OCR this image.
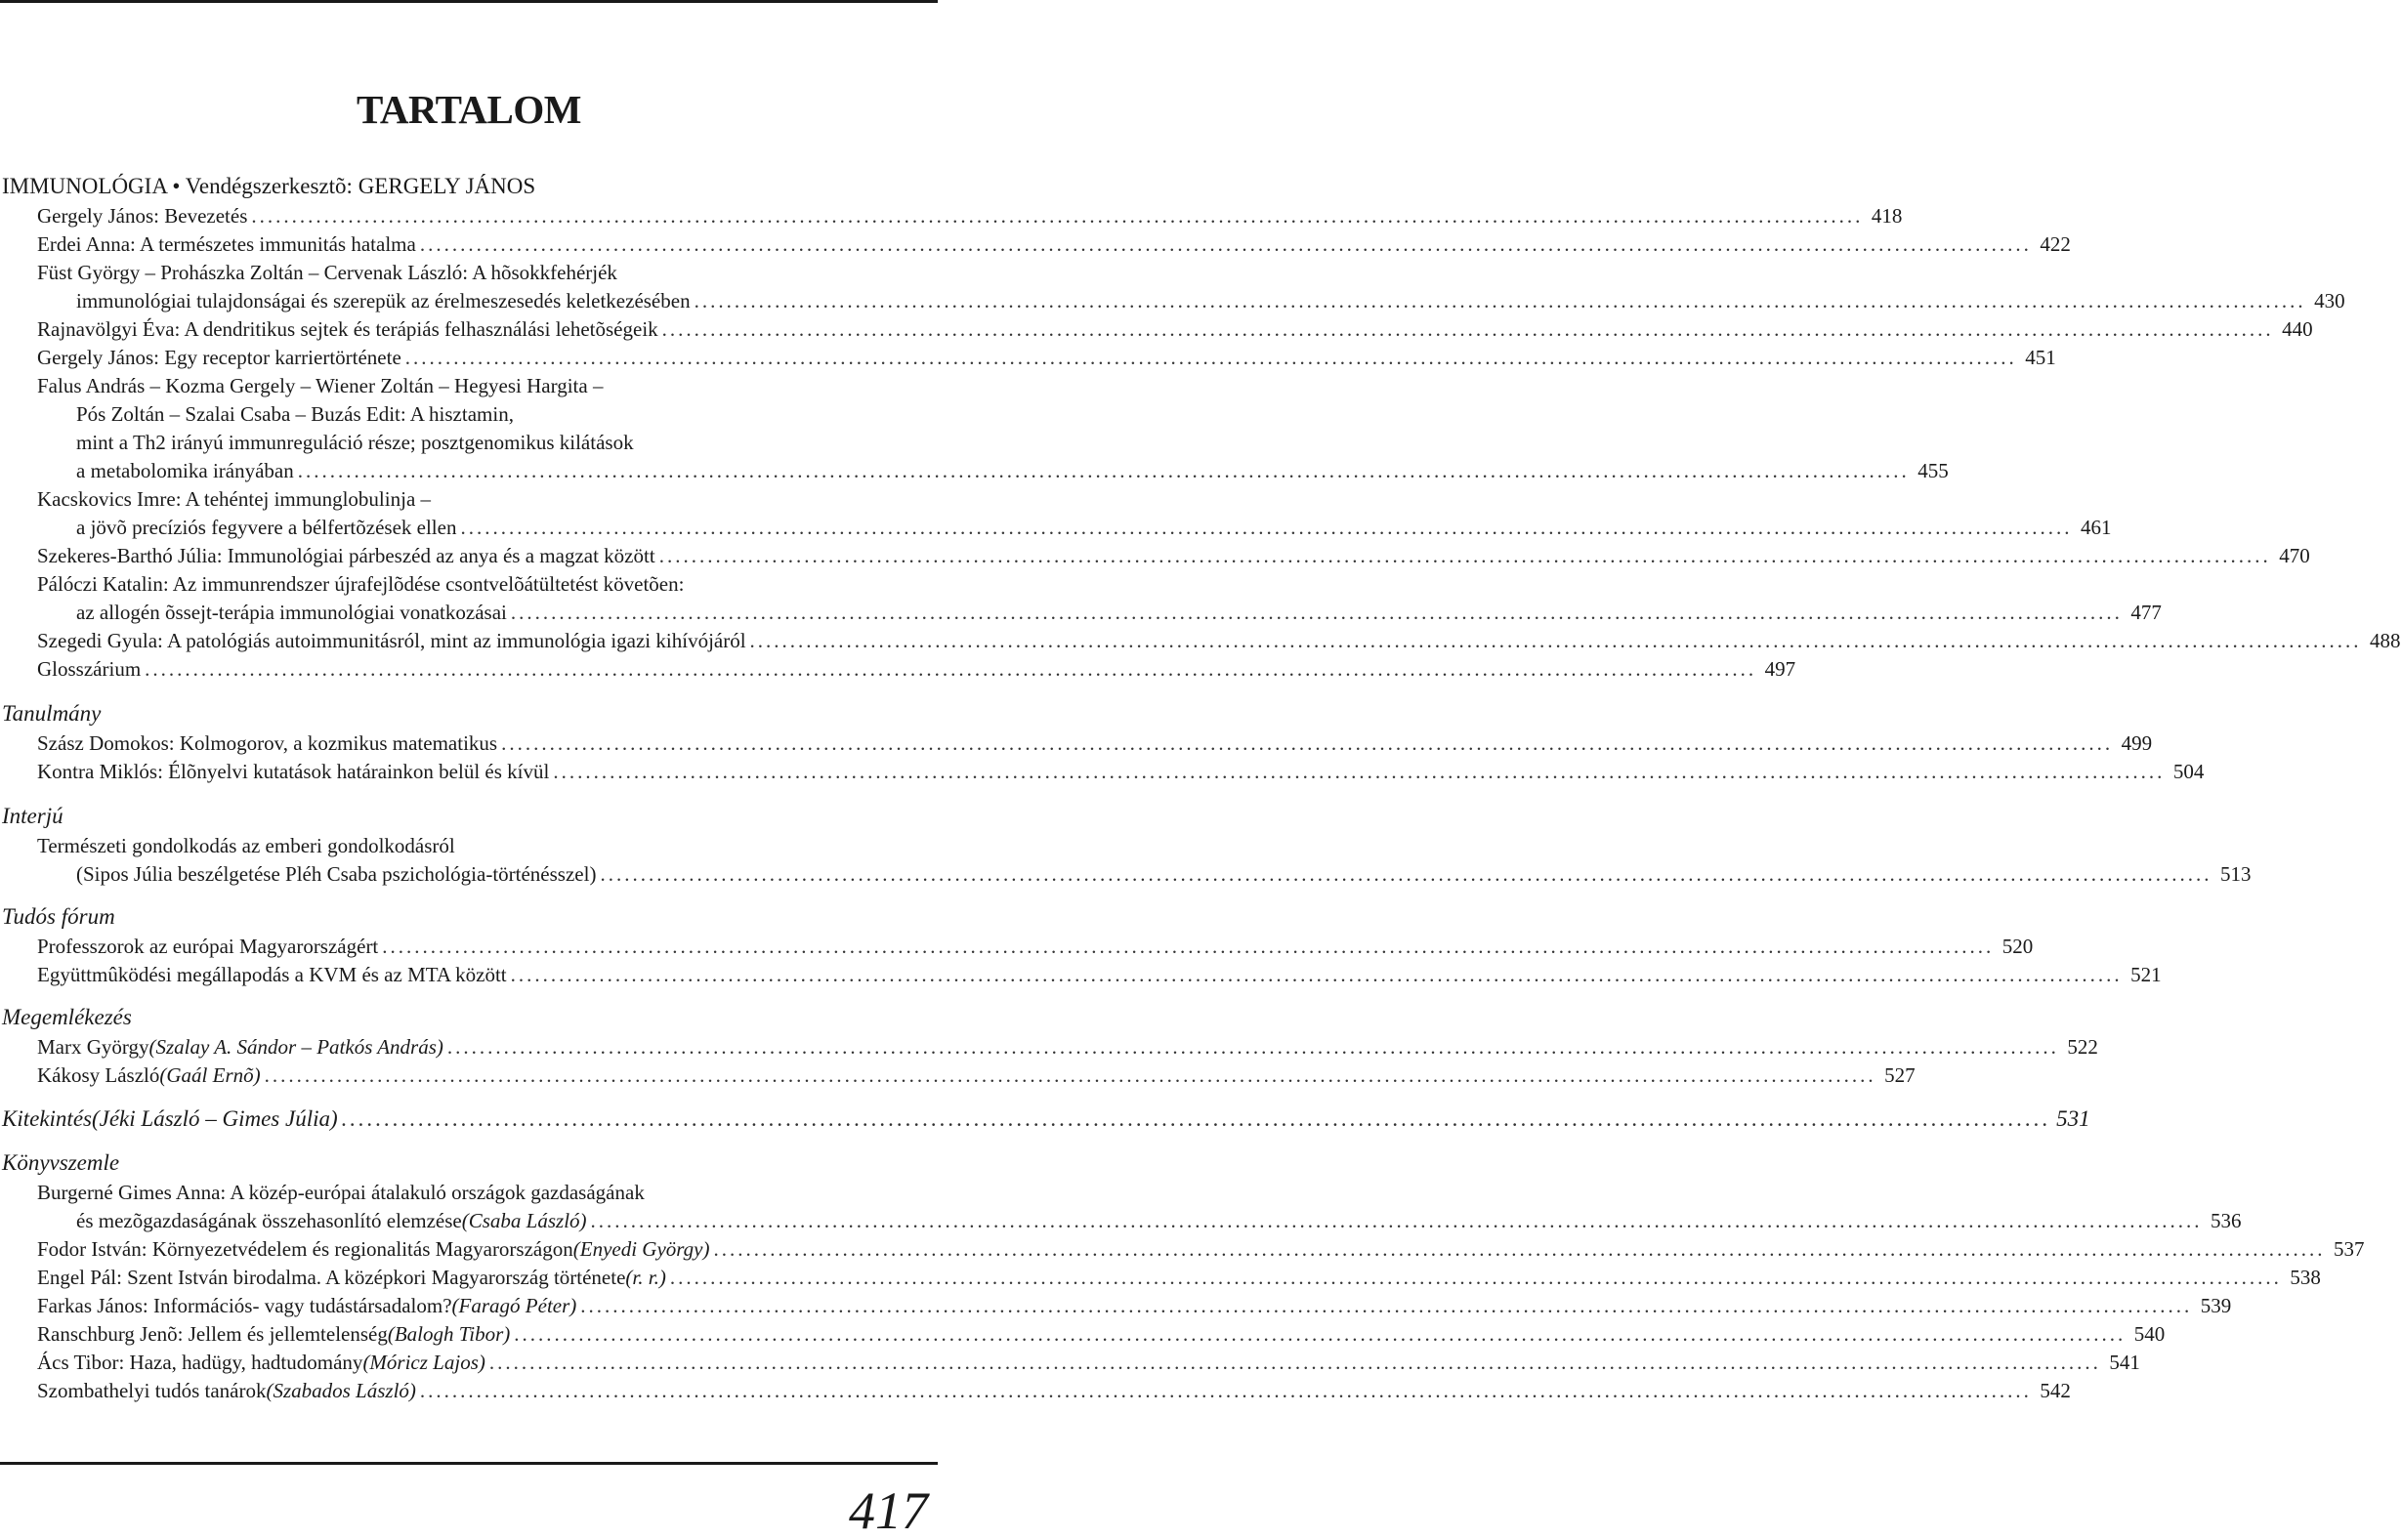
TARTALOM
IMMUNOLÓGIA • Vendégszerkesztõ: GERGELY JÁNOS
Gergely János: Bevezetés ........................................................................................................................................................................................................ 418
Erdei Anna: A természetes immunitás hatalma ........................................................................................................................................................................................................ 422
Füst György – Prohászka Zoltán – Cervenak László: A hõsokkfehérjék
immunológiai tulajdonságai és szerepük az érelmeszesedés keletkezésében ........................................................................................................................................................................................................ 430
Rajnavölgyi Éva: A dendritikus sejtek és terápiás felhasználási lehetõségeik ........................................................................................................................................................................................................ 440
Gergely János: Egy receptor karriertörténete ........................................................................................................................................................................................................ 451
Falus András – Kozma Gergely – Wiener Zoltán – Hegyesi Hargita –
Pós Zoltán – Szalai Csaba – Buzás Edit: A hisztamin,
mint a Th2 irányú immunreguláció része; posztgenomikus kilátások
a metabolomika irányában ........................................................................................................................................................................................................ 455
Kacskovics Imre: A tehéntej immunglobulinja –
a jövõ precíziós fegyvere a bélfertõzések ellen ........................................................................................................................................................................................................ 461
Szekeres-Barthó Júlia: Immunológiai párbeszéd az anya és a magzat között ........................................................................................................................................................................................................ 470
Pálóczi Katalin: Az immunrendszer újrafejlõdése csontvelõátültetést követõen:
az allogén õssejt-terápia immunológiai vonatkozásai ........................................................................................................................................................................................................ 477
Szegedi Gyula: A patológiás autoimmunitásról, mint az immunológia igazi kihívójáról ........................................................................................................................................................................................................ 488
Glosszárium ........................................................................................................................................................................................................ 497
Tanulmány
Szász Domokos: Kolmogorov, a kozmikus matematikus ........................................................................................................................................................................................................ 499
Kontra Miklós: Élõnyelvi kutatások határainkon belül és kívül ........................................................................................................................................................................................................ 504
Interjú
Természeti gondolkodás az emberi gondolkodásról
(Sipos Júlia beszélgetése Pléh Csaba pszichológia-történésszel) ........................................................................................................................................................................................................ 513
Tudós fórum
Professzorok az európai Magyarországért ........................................................................................................................................................................................................ 520
Együttmûködési megállapodás a KVM és az MTA között ........................................................................................................................................................................................................ 521
Megemlékezés
Marx György (Szalay A. Sándor – Patkós András) ........................................................................................................................................................................................................ 522
Kákosy László (Gaál Ernõ) ........................................................................................................................................................................................................ 527
Kitekintés (Jéki László – Gimes Júlia) ........................................................................................................................................................................................................ 531
Könyvszemle
Burgerné Gimes Anna: A közép-európai átalakuló országok gazdaságának
és mezõgazdaságának összehasonlító elemzése (Csaba László) ........................................................................................................................................................................................................ 536
Fodor István: Környezetvédelem és regionalitás Magyarországon (Enyedi György) ........................................................................................................................................................................................................ 537
Engel Pál: Szent István birodalma. A középkori Magyarország története (r. r.) ........................................................................................................................................................................................................ 538
Farkas János: Információs- vagy tudástársadalom? (Faragó Péter) ........................................................................................................................................................................................................ 539
Ranschburg Jenõ: Jellem és jellemtelenség (Balogh Tibor) ........................................................................................................................................................................................................ 540
Ács Tibor: Haza, hadügy, hadtudomány (Móricz Lajos) ........................................................................................................................................................................................................ 541
Szombathelyi tudós tanárok (Szabados László) ........................................................................................................................................................................................................ 542
417
